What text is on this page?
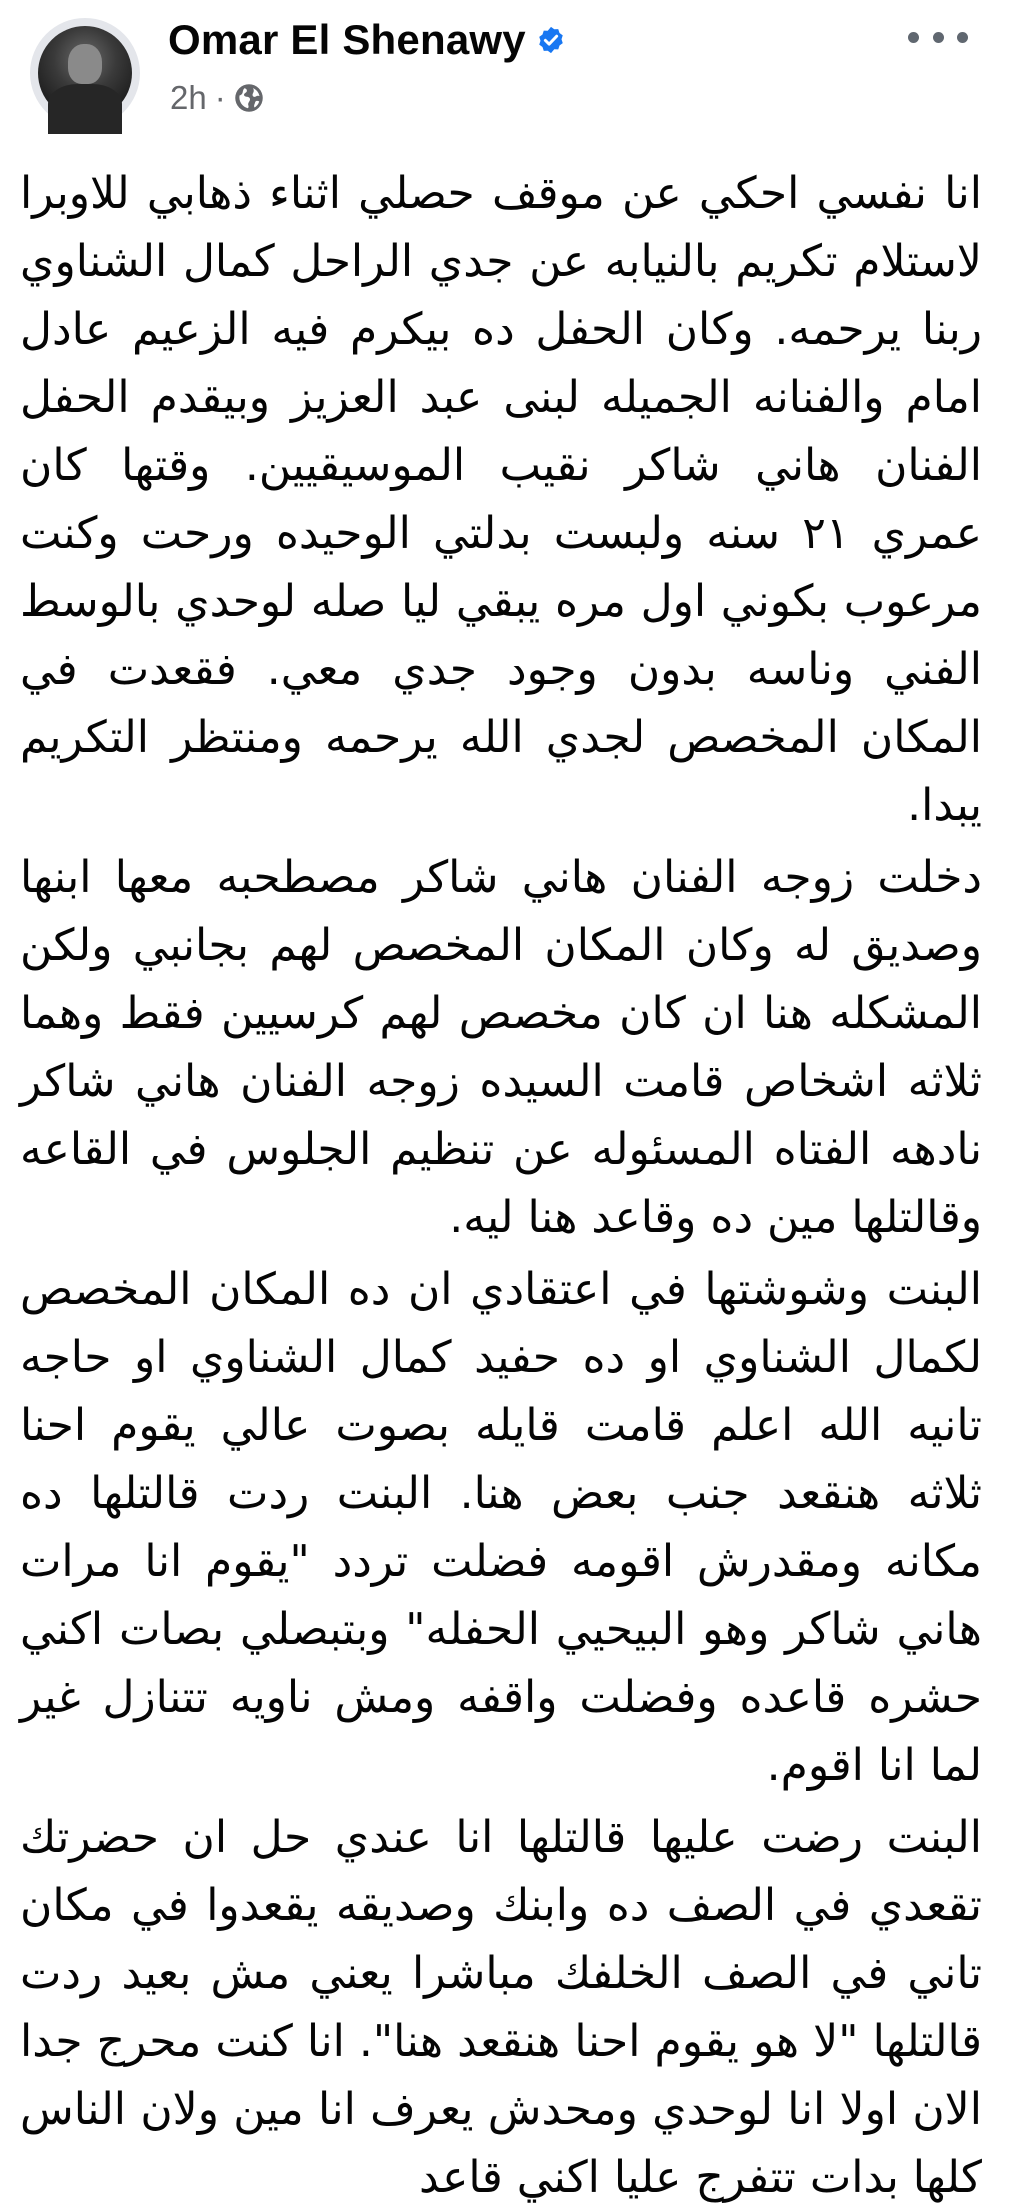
Omar El Shenawy
2h ·

انا نفسي احكي عن موقف حصلي اثناء ذهابي للاوبرا لاستلام تكريم بالنيابه عن جدي الراحل كمال الشناوي ربنا يرحمه. وكان الحفل ده بيكرم فيه الزعيم عادل امام والفنانه الجميله لبنى عبد العزيز وبيقدم الحفل الفنان هاني شاكر نقيب الموسيقيين. وقتها كان عمري ٢١ سنه ولبست بدلتي الوحيده ورحت وكنت مرعوب بكوني اول مره يبقي ليا صله لوحدي بالوسط الفني وناسه بدون وجود جدي معي. فقعدت في المكان المخصص لجدي الله يرحمه ومنتظر التكريم يبدا.

دخلت زوجه الفنان هاني شاكر مصطحبه معها ابنها وصديق له وكان المكان المخصص لهم بجانبي ولكن المشكله هنا ان كان مخصص لهم كرسيين فقط وهما ثلاثه اشخاص قامت السيده زوجه الفنان هاني شاكر نادهه الفتاه المسئوله عن تنظيم الجلوس في القاعه وقالتلها مين ده وقاعد هنا ليه.

البنت وشوشتها في اعتقادي ان ده المكان المخصص لكمال الشناوي او ده حفيد كمال الشناوي او حاجه تانيه الله اعلم قامت قايله بصوت عالي يقوم احنا ثلاثه هنقعد جنب بعض هنا. البنت ردت قالتلها ده مكانه ومقدرش اقومه فضلت تردد "يقوم انا مرات هاني شاكر وهو البيحيي الحفله" وبتبصلي بصات اكني حشره قاعده وفضلت واقفه ومش ناويه تتنازل غير لما انا اقوم.

البنت رضت عليها قالتلها انا عندي حل ان حضرتك تقعدي في الصف ده وابنك وصديقه يقعدوا في مكان تاني في الصف الخلفك مباشرا يعني مش بعيد ردت قالتلها "لا هو يقوم احنا هنقعد هنا". انا كنت محرج جدا الان اولا انا لوحدي ومحدش يعرف انا مين ولان الناس كلها بدات تتفرج عليا اكني قاعد
